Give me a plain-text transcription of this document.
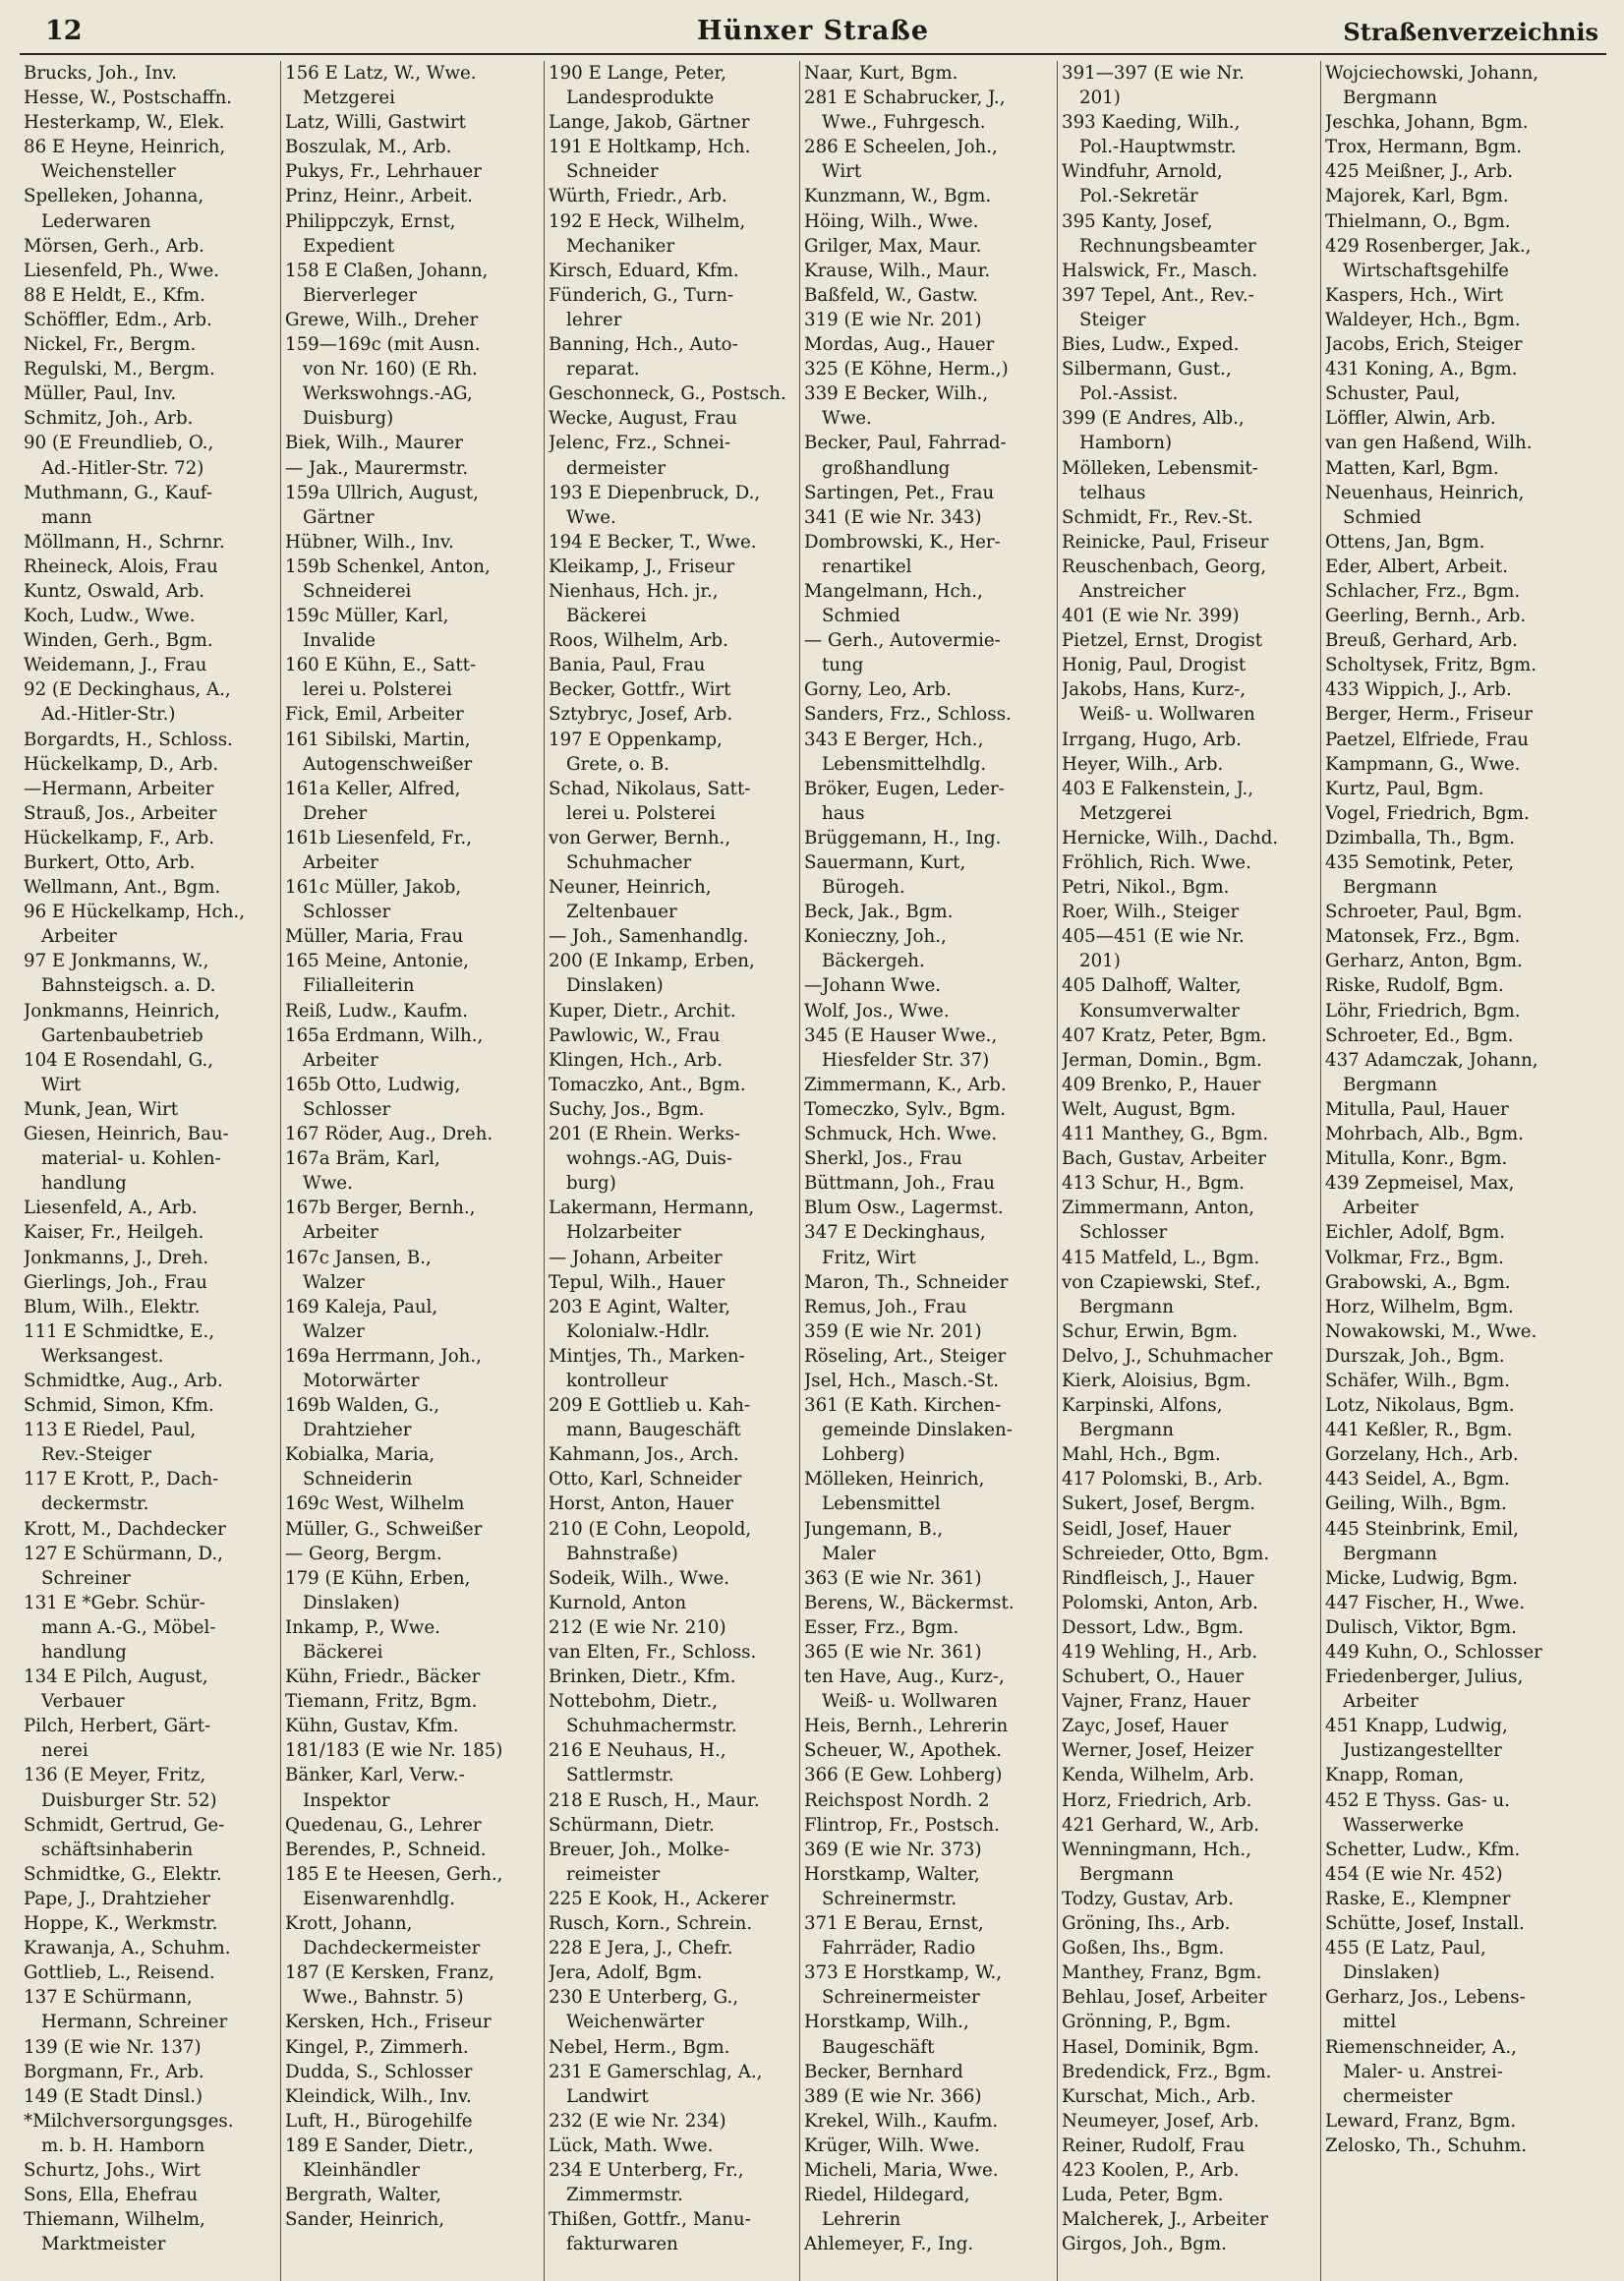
12	Hünxer Straße	Straßenverzeichnis

Brucks, Joh., Inv.

Hesse, W., Postschaffn.

Hesterkamp, W., Elek.

86 E Heyne, Heinrich,

Weichensteller

Spelleken, Johanna,

Lederwaren

Mörsen, Gerh., Arb.

Liesenfeld, Ph., Wwe.

88 E Heldt, E., Kfm.

Schöffler, Edm., Arb.

Nickel, Fr., Bergm.

Regulski, M., Bergm.

Müller, Paul, Inv.

Schmitz, Joh., Arb.

90 (E Freundlieb, O.,

Ad.-Hitler-Str. 72)

Muthmann, G., Kauf-

mann

Möllmann, H., Schrnr.

Rheineck, Alois, Frau

Kuntz, Oswald, Arb.

Koch, Ludw., Wwe.

Winden, Gerh., Bgm.

Weidemann, J., Frau

92 (E Deckinghaus, A.,

Ad.-Hitler-Str.)

Borgardts, H., Schloss.

Hückelkamp, D., Arb.

—Hermann, Arbeiter

Strauß, Jos., Arbeiter

Hückelkamp, F., Arb.

Burkert, Otto, Arb.

Wellmann, Ant., Bgm.

96 E Hückelkamp, Hch.,

Arbeiter

97 E Jonkmanns, W.,

Bahnsteigsch. a. D.

Jonkmanns, Heinrich,

Gartenbaubetrieb

104 E Rosendahl, G.,

Wirt

Munk, Jean, Wirt

Giesen, Heinrich, Bau-

material- u. Kohlen-

handlung

Liesenfeld, A., Arb.

Kaiser, Fr., Heilgeh.

Jonkmanns, J., Dreh.

Gierlings, Joh., Frau

Blum, Wilh., Elektr.

111 E Schmidtke, E.,

Werksangest.

Schmidtke, Aug., Arb.

Schmid, Simon, Kfm.

113 E Riedel, Paul,

Rev.-Steiger

117 E Krott, P., Dach-

deckermstr.

Krott, M., Dachdecker

127 E Schürmann, D.,

Schreiner

131 E *Gebr. Schür-

mann A.-G., Möbel-

handlung

134 E Pilch, August,

Verbauer

Pilch, Herbert, Gärt-

nerei

136 (E Meyer, Fritz,

Duisburger Str. 52)

Schmidt, Gertrud, Ge-

schäftsinhaberin

Schmidtke, G., Elektr.

Pape, J., Drahtzieher

Hoppe, K., Werkmstr.

Krawanja, A., Schuhm.

Gottlieb, L., Reisend.

137 E Schürmann,

Hermann, Schreiner

139 (E wie Nr. 137)

Borgmann, Fr., Arb.

149 (E Stadt Dinsl.)

*Milchversorgungsges.

m. b. H. Hamborn

Schurtz, Johs., Wirt

Sons, Ella, Ehefrau

Thiemann, Wilhelm,

Marktmeister

156 E Latz, W., Wwe.

Metzgerei

Latz, Willi, Gastwirt

Boszulak, M., Arb.

Pukys, Fr., Lehrhauer

Prinz, Heinr., Arbeit.

Philippczyk, Ernst,

Expedient

158 E Claßen, Johann,

Bierverleger

Grewe, Wilh., Dreher

159—169c (mit Ausn.

von Nr. 160) (E Rh.

Werkswohngs.-AG,

Duisburg)

Biek, Wilh., Maurer

— Jak., Maurermstr.

159a Ullrich, August,

Gärtner

Hübner, Wilh., Inv.

159b Schenkel, Anton,

Schneiderei

159c Müller, Karl,

Invalide

160 E Kühn, E., Satt-

lerei u. Polsterei

Fick, Emil, Arbeiter

161 Sibilski, Martin,

Autogenschweißer

161a Keller, Alfred,

Dreher

161b Liesenfeld, Fr.,

Arbeiter

161c Müller, Jakob,

Schlosser

Müller, Maria, Frau

165 Meine, Antonie,

Filialleiterin

Reiß, Ludw., Kaufm.

165a Erdmann, Wilh.,

Arbeiter

165b Otto, Ludwig,

Schlosser

167 Röder, Aug., Dreh.

167a Bräm, Karl,

Wwe.

167b Berger, Bernh.,

Arbeiter

167c Jansen, B.,

Walzer

169 Kaleja, Paul,

Walzer

169a Herrmann, Joh.,

Motorwärter

169b Walden, G.,

Drahtzieher

Kobialka, Maria,

Schneiderin

169c West, Wilhelm

Müller, G., Schweißer

— Georg, Bergm.

179 (E Kühn, Erben,

Dinslaken)

Inkamp, P., Wwe.

Bäckerei

Kühn, Friedr., Bäcker

Tiemann, Fritz, Bgm.

Kühn, Gustav, Kfm.

181/183 (E wie Nr. 185)

Bänker, Karl, Verw.-

Inspektor

Quedenau, G., Lehrer

Berendes, P., Schneid.

185 E te Heesen, Gerh.,

Eisenwarenhdlg.

Krott, Johann,

Dachdeckermeister

187 (E Kersken, Franz,

Wwe., Bahnstr. 5)

Kersken, Hch., Friseur

Kingel, P., Zimmerh.

Dudda, S., Schlosser

Kleindick, Wilh., Inv.

Luft, H., Bürogehilfe

189 E Sander, Dietr.,

Kleinhändler

Bergrath, Walter,

Sander, Heinrich,

190 E Lange, Peter,

Landesprodukte

Lange, Jakob, Gärtner

191 E Holtkamp, Hch.

Schneider

Würth, Friedr., Arb.

192 E Heck, Wilhelm,

Mechaniker

Kirsch, Eduard, Kfm.

Fünderich, G., Turn-

lehrer

Banning, Hch., Auto-

reparat.

Geschonneck, G., Postsch.

Wecke, August, Frau

Jelenc, Frz., Schnei-

dermeister

193 E Diepenbruck, D.,

Wwe.

194 E Becker, T., Wwe.

Kleikamp, J., Friseur

Nienhaus, Hch. jr.,

Bäckerei

Roos, Wilhelm, Arb.

Bania, Paul, Frau

Becker, Gottfr., Wirt

Sztybryc, Josef, Arb.

197 E Oppenkamp,

Grete, o. B.

Schad, Nikolaus, Satt-

lerei u. Polsterei

von Gerwer, Bernh.,

Schuhmacher

Neuner, Heinrich,

Zeltenbauer

— Joh., Samenhandlg.

200 (E Inkamp, Erben,

Dinslaken)

Kuper, Dietr., Archit.

Pawlowic, W., Frau

Klingen, Hch., Arb.

Tomaczko, Ant., Bgm.

Suchy, Jos., Bgm.

201 (E Rhein. Werks-

wohngs.-AG, Duis-

burg)

Lakermann, Hermann,

Holzarbeiter

— Johann, Arbeiter

Tepul, Wilh., Hauer

203 E Agint, Walter,

Kolonialw.-Hdlr.

Mintjes, Th., Marken-

kontrolleur

209 E Gottlieb u. Kah-

mann, Baugeschäft

Kahmann, Jos., Arch.

Otto, Karl, Schneider

Horst, Anton, Hauer

210 (E Cohn, Leopold,

Bahnstraße)

Sodeik, Wilh., Wwe.

Kurnold, Anton

212 (E wie Nr. 210)

van Elten, Fr., Schloss.

Brinken, Dietr., Kfm.

Nottebohm, Dietr.,

Schuhmachermstr.

216 E Neuhaus, H.,

Sattlermstr.

218 E Rusch, H., Maur.

Schürmann, Dietr.

Breuer, Joh., Molke-

reimeister

225 E Kook, H., Ackerer

Rusch, Korn., Schrein.

228 E Jera, J., Chefr.

Jera, Adolf, Bgm.

230 E Unterberg, G.,

Weichenwärter

Nebel, Herm., Bgm.

231 E Gamerschlag, A.,

Landwirt

232 (E wie Nr. 234)

Lück, Math. Wwe.

234 E Unterberg, Fr.,

Zimmermstr.

Thißen, Gottfr., Manu-

fakturwaren

Naar, Kurt, Bgm.

281 E Schabrucker, J.,

Wwe., Fuhrgesch.

286 E Scheelen, Joh.,

Wirt

Kunzmann, W., Bgm.

Höing, Wilh., Wwe.

Grilger, Max, Maur.

Krause, Wilh., Maur.

Baßfeld, W., Gastw.

319 (E wie Nr. 201)

Mordas, Aug., Hauer

325 (E Köhne, Herm.,)

339 E Becker, Wilh.,

Wwe.

Becker, Paul, Fahrrad-

großhandlung

Sartingen, Pet., Frau

341 (E wie Nr. 343)

Dombrowski, K., Her-

renartikel

Mangelmann, Hch.,

Schmied

— Gerh., Autovermie-

tung

Gorny, Leo, Arb.

Sanders, Frz., Schloss.

343 E Berger, Hch.,

Lebensmittelhdlg.

Bröker, Eugen, Leder-

haus

Brüggemann, H., Ing.

Sauermann, Kurt,

Bürogeh.

Beck, Jak., Bgm.

Konieczny, Joh.,

Bäckergeh.

—Johann Wwe.

Wolf, Jos., Wwe.

345 (E Hauser Wwe.,

Hiesfelder Str. 37)

Zimmermann, K., Arb.

Tomeczko, Sylv., Bgm.

Schmuck, Hch. Wwe.

Sherkl, Jos., Frau

Büttmann, Joh., Frau

Blum Osw., Lagermst.

347 E Deckinghaus,

Fritz, Wirt

Maron, Th., Schneider

Remus, Joh., Frau

359 (E wie Nr. 201)

Röseling, Art., Steiger

Jsel, Hch., Masch.-St.

361 (E Kath. Kirchen-

gemeinde Dinslaken-

Lohberg)

Mölleken, Heinrich,

Lebensmittel

Jungemann, B.,

Maler

363 (E wie Nr. 361)

Berens, W., Bäckermst.

Esser, Frz., Bgm.

365 (E wie Nr. 361)

ten Have, Aug., Kurz-,

Weiß- u. Wollwaren

Heis, Bernh., Lehrerin

Scheuer, W., Apothek.

366 (E Gew. Lohberg)

Reichspost Nordh. 2

Flintrop, Fr., Postsch.

369 (E wie Nr. 373)

Horstkamp, Walter,

Schreinermstr.

371 E Berau, Ernst,

Fahrräder, Radio

373 E Horstkamp, W.,

Schreinermeister

Horstkamp, Wilh.,

Baugeschäft

Becker, Bernhard

389 (E wie Nr. 366)

Krekel, Wilh., Kaufm.

Krüger, Wilh. Wwe.

Micheli, Maria, Wwe.

Riedel, Hildegard,

Lehrerin

Ahlemeyer, F., Ing.

391—397 (E wie Nr.

201)

393 Kaeding, Wilh.,

Pol.-Hauptwmstr.

Windfuhr, Arnold,

Pol.-Sekretär

395 Kanty, Josef,

Rechnungsbeamter

Halswick, Fr., Masch.

397 Tepel, Ant., Rev.-

Steiger

Bies, Ludw., Exped.

Silbermann, Gust.,

Pol.-Assist.

399 (E Andres, Alb.,

Hamborn)

Mölleken, Lebensmit-

telhaus

Schmidt, Fr., Rev.-St.

Reinicke, Paul, Friseur

Reuschenbach, Georg,

Anstreicher

401 (E wie Nr. 399)

Pietzel, Ernst, Drogist

Honig, Paul, Drogist

Jakobs, Hans, Kurz-,

Weiß- u. Wollwaren

Irrgang, Hugo, Arb.

Heyer, Wilh., Arb.

403 E Falkenstein, J.,

Metzgerei

Hernicke, Wilh., Dachd.

Fröhlich, Rich. Wwe.

Petri, Nikol., Bgm.

Roer, Wilh., Steiger

405—451 (E wie Nr.

201)

405 Dalhoff, Walter,

Konsumverwalter

407 Kratz, Peter, Bgm.

Jerman, Domin., Bgm.

409 Brenko, P., Hauer

Welt, August, Bgm.

411 Manthey, G., Bgm.

Bach, Gustav, Arbeiter

413 Schur, H., Bgm.

Zimmermann, Anton,

Schlosser

415 Matfeld, L., Bgm.

von Czapiewski, Stef.,

Bergmann

Schur, Erwin, Bgm.

Delvo, J., Schuhmacher

Kierk, Aloisius, Bgm.

Karpinski, Alfons,

Bergmann

Mahl, Hch., Bgm.

417 Polomski, B., Arb.

Sukert, Josef, Bergm.

Seidl, Josef, Hauer

Schreieder, Otto, Bgm.

Rindfleisch, J., Hauer

Polomski, Anton, Arb.

Dessort, Ldw., Bgm.

419 Wehling, H., Arb.

Schubert, O., Hauer

Vajner, Franz, Hauer

Zayc, Josef, Hauer

Werner, Josef, Heizer

Kenda, Wilhelm, Arb.

Horz, Friedrich, Arb.

421 Gerhard, W., Arb.

Wenningmann, Hch.,

Bergmann

Todzy, Gustav, Arb.

Gröning, Ihs., Arb.

Goßen, Ihs., Bgm.

Manthey, Franz, Bgm.

Behlau, Josef, Arbeiter

Grönning, P., Bgm.

Hasel, Dominik, Bgm.

Bredendick, Frz., Bgm.

Kurschat, Mich., Arb.

Neumeyer, Josef, Arb.

Reiner, Rudolf, Frau

423 Koolen, P., Arb.

Luda, Peter, Bgm.

Malcherek, J., Arbeiter

Girgos, Joh., Bgm.

Wojciechowski, Johann,

Bergmann

Jeschka, Johann, Bgm.

Trox, Hermann, Bgm.

425 Meißner, J., Arb.

Majorek, Karl, Bgm.

Thielmann, O., Bgm.

429 Rosenberger, Jak.,

Wirtschaftsgehilfe

Kaspers, Hch., Wirt

Waldeyer, Hch., Bgm.

Jacobs, Erich, Steiger

431 Koning, A., Bgm.

Schuster, Paul,

Löffler, Alwin, Arb.

van gen Haßend, Wilh.

Matten, Karl, Bgm.

Neuenhaus, Heinrich,

Schmied

Ottens, Jan, Bgm.

Eder, Albert, Arbeit.

Schlacher, Frz., Bgm.

Geerling, Bernh., Arb.

Breuß, Gerhard, Arb.

Scholtysek, Fritz, Bgm.

433 Wippich, J., Arb.

Berger, Herm., Friseur

Paetzel, Elfriede, Frau

Kampmann, G., Wwe.

Kurtz, Paul, Bgm.

Vogel, Friedrich, Bgm.

Dzimballa, Th., Bgm.

435 Semotink, Peter,

Bergmann

Schroeter, Paul, Bgm.

Matonsek, Frz., Bgm.

Gerharz, Anton, Bgm.

Riske, Rudolf, Bgm.

Löhr, Friedrich, Bgm.

Schroeter, Ed., Bgm.

437 Adamczak, Johann,

Bergmann

Mitulla, Paul, Hauer

Mohrbach, Alb., Bgm.

Mitulla, Konr., Bgm.

439 Zepmeisel, Max,

Arbeiter

Eichler, Adolf, Bgm.

Volkmar, Frz., Bgm.

Grabowski, A., Bgm.

Horz, Wilhelm, Bgm.

Nowakowski, M., Wwe.

Durszak, Joh., Bgm.

Schäfer, Wilh., Bgm.

Lotz, Nikolaus, Bgm.

441 Keßler, R., Bgm.

Gorzelany, Hch., Arb.

443 Seidel, A., Bgm.

Geiling, Wilh., Bgm.

445 Steinbrink, Emil,

Bergmann

Micke, Ludwig, Bgm.

447 Fischer, H., Wwe.

Dulisch, Viktor, Bgm.

449 Kuhn, O., Schlosser

Friedenberger, Julius,

Arbeiter

451 Knapp, Ludwig,

Justizangestellter

Knapp, Roman,

452 E Thyss. Gas- u.

Wasserwerke

Schetter, Ludw., Kfm.

454 (E wie Nr. 452)

Raske, E., Klempner

Schütte, Josef, Install.

455 (E Latz, Paul,

Dinslaken)

Gerharz, Jos., Lebens-

mittel

Riemenschneider, A.,

Maler- u. Anstrei-

chermeister

Leward, Franz, Bgm.

Zelosko, Th., Schuhm.
